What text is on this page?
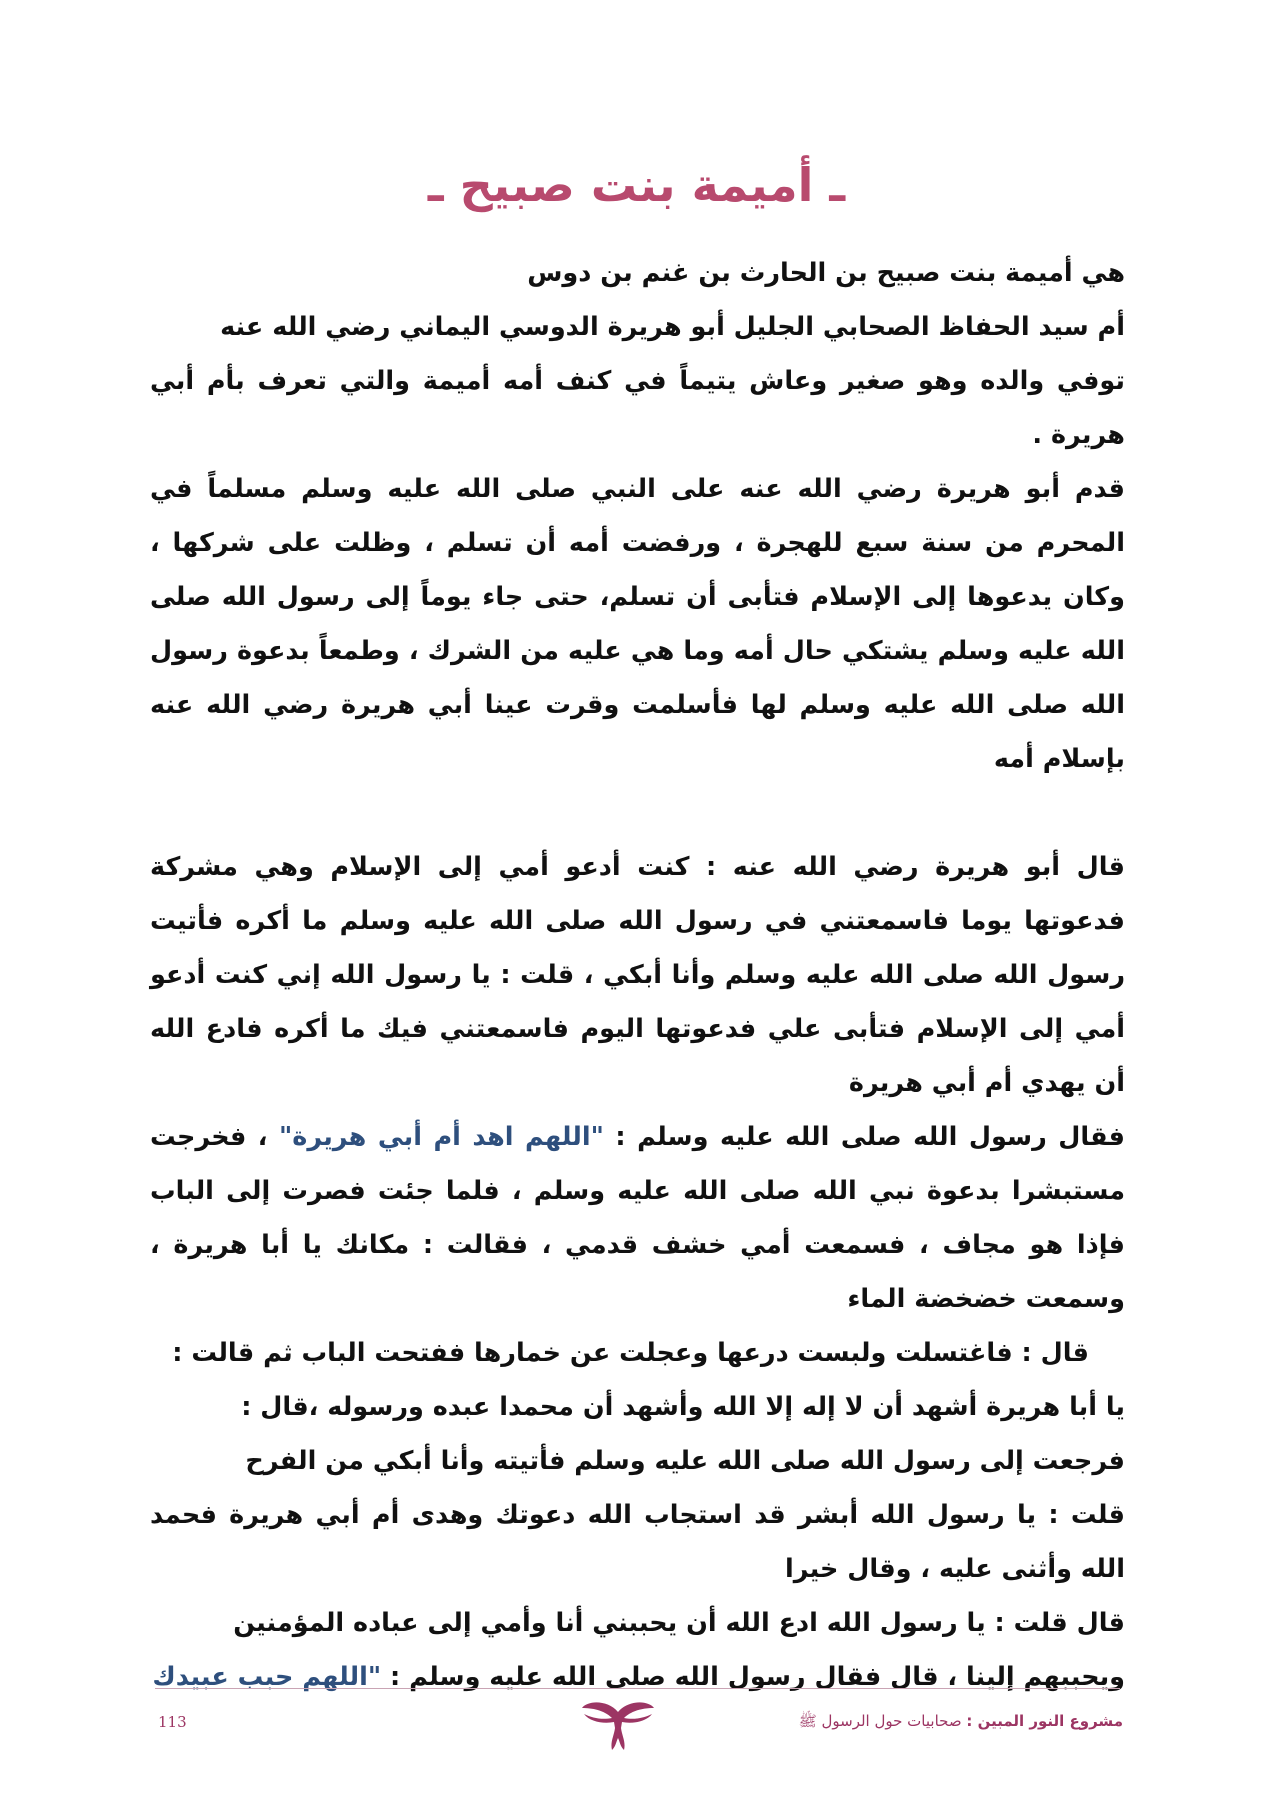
ـ أميمة بنت صبيح ـ

هي أميمة بنت صبيح بن الحارث بن غنم بن دوس

أم سيد الحفاظ الصحابي الجليل أبو هريرة الدوسي اليماني رضي الله عنه

توفي والده وهو صغير وعاش يتيماً في كنف أمه أميمة والتي تعرف بأم أبي هريرة .

قدم أبو هريرة رضي الله عنه على النبي صلى الله عليه وسلم مسلماً في المحرم من سنة سبع للهجرة ، ورفضت أمه أن تسلم ، وظلت على شركها ، وكان يدعوها إلى الإسلام فتأبى أن تسلم، حتى جاء يوماً إلى رسول الله صلى الله عليه وسلم يشتكي حال أمه وما هي عليه من الشرك ، وطمعاً بدعوة رسول الله صلى الله عليه وسلم لها فأسلمت وقرت عينا أبي هريرة رضي الله عنه بإسلام أمه

قال أبو هريرة رضي الله عنه : كنت أدعو أمي إلى الإسلام وهي مشركة فدعوتها يوما فاسمعتني في رسول الله صلى الله عليه وسلم ما أكره فأتيت رسول الله صلى الله عليه وسلم وأنا أبكي ، قلت : يا رسول الله إني كنت أدعو أمي إلى الإسلام فتأبى علي فدعوتها اليوم فاسمعتني فيك ما أكره فادع الله أن يهدي أم أبي هريرة

فقال رسول الله صلى الله عليه وسلم : "اللهم اهد أم أبي هريرة" ، فخرجت مستبشرا بدعوة نبي الله صلى الله عليه وسلم ، فلما جئت فصرت إلى الباب فإذا هو مجاف ، فسمعت أمي خشف قدمي ، فقالت : مكانك يا أبا هريرة ، وسمعت خضخضة الماء

قال : فاغتسلت ولبست درعها وعجلت عن خمارها ففتحت الباب ثم قالت :

يا أبا هريرة أشهد أن لا إله إلا الله وأشهد أن محمدا عبده ورسوله ،قال :

فرجعت إلى رسول الله صلى الله عليه وسلم فأتيته وأنا أبكي من الفرح

قلت : يا رسول الله أبشر قد استجاب الله دعوتك وهدى أم أبي هريرة فحمد الله وأثنى عليه ، وقال خيرا

قال قلت : يا رسول الله ادع الله أن يحببني أنا وأمي إلى عباده المؤمنين

ويحببهم إلينا ، قال فقال رسول الله صلى الله عليه وسلم : "اللهم حبب عبيدك

مشروع النور المبين : صحابيات حول الرسول ﷺ
113
